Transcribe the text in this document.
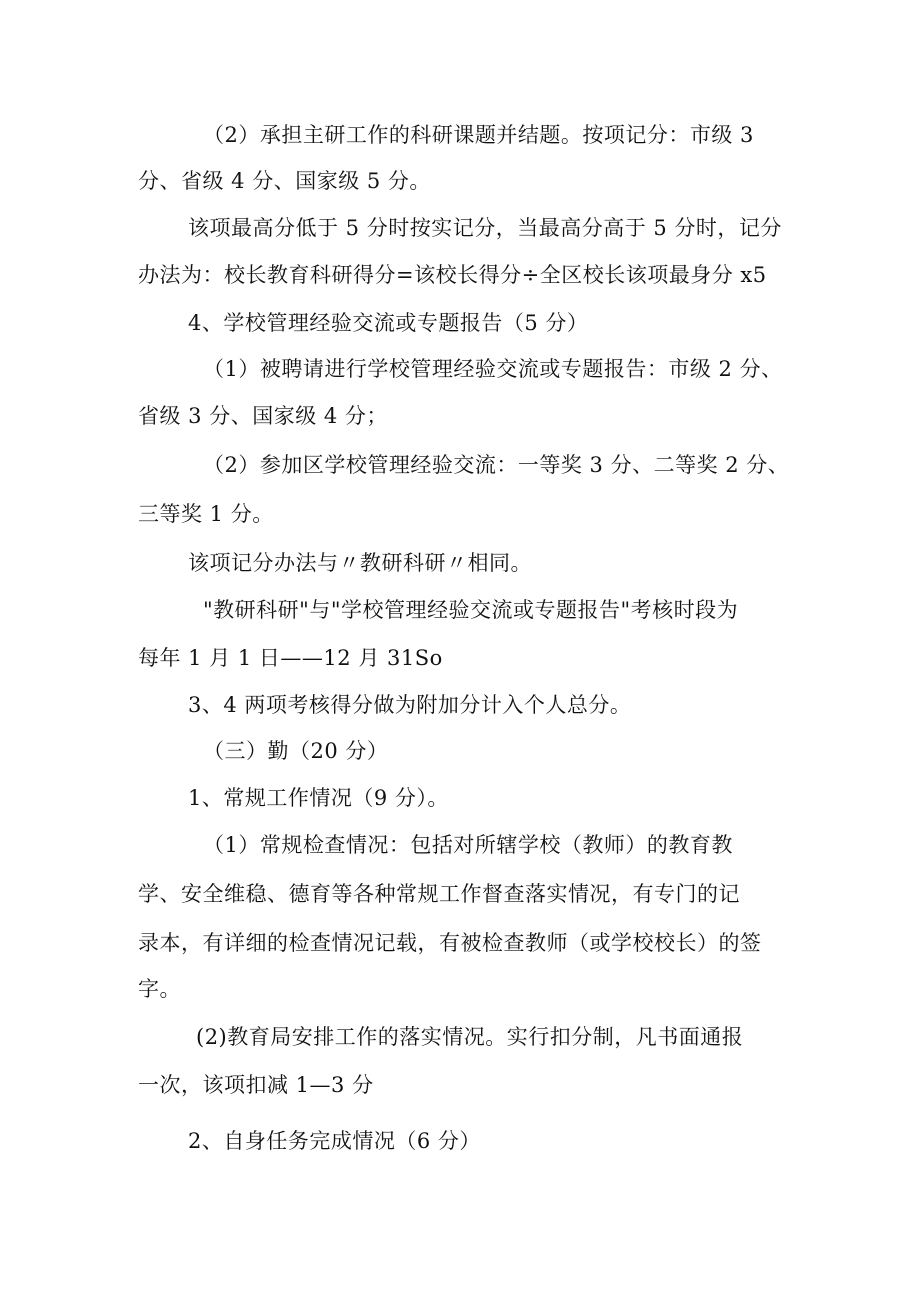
（2）承担主研工作的科研课题并结题。按项记分：市级 3
分、省级 4 分、国家级 5 分。
该项最高分低于 5 分时按实记分，当最高分高于 5 分时，记分
办法为：校长教育科研得分=该校长得分÷全区校长该项最身分 x5
4、学校管理经验交流或专题报告（5 分）
（1）被聘请进行学校管理经验交流或专题报告：市级 2 分、
省级 3 分、国家级 4 分；
（2）参加区学校管理经验交流：一等奖 3 分、二等奖 2 分、
三等奖 1 分。
该项记分办法与〃教研科研〃相同。
"教研科研"与"学校管理经验交流或专题报告"考核时段为
每年 1 月 1 日——12 月 31So
3、4 两项考核得分做为附加分计入个人总分。
（三）勤（20 分）
1、常规工作情况（9 分）。
（1）常规检查情况：包括对所辖学校（教师）的教育教
学、安全维稳、德育等各种常规工作督查落实情况，有专门的记
录本，有详细的检查情况记载，有被检查教师（或学校校长）的签
字。
(2)教育局安排工作的落实情况。实行扣分制，凡书面通报
一次，该项扣减 1—3 分
2、自身任务完成情况（6 分）
